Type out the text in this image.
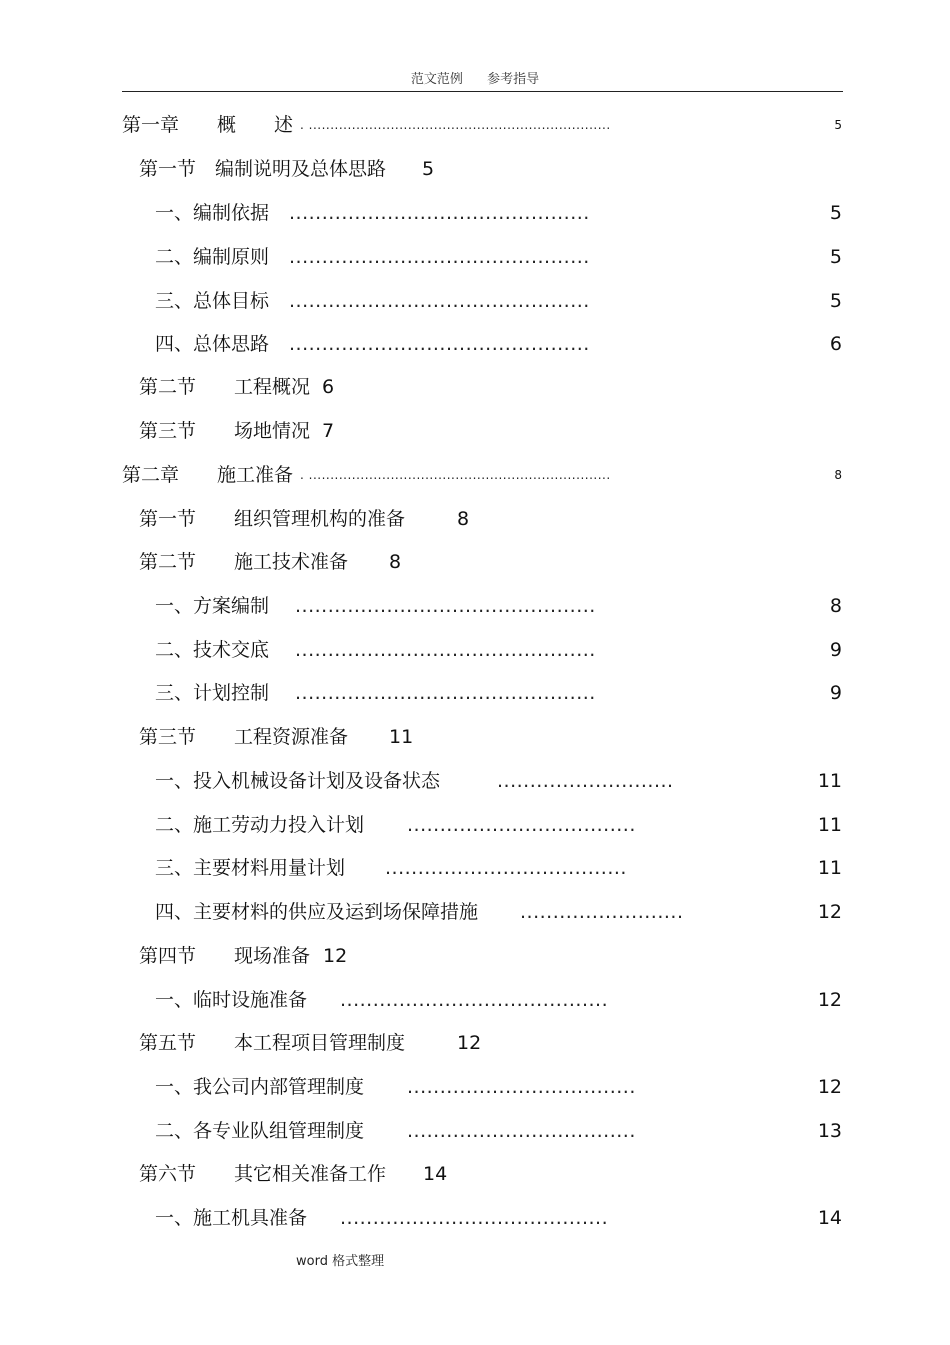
范文范例 参考指导
第一章　　概　　述 . ......................................................................	5
第一节　编制说明及总体思路 5
一、编制依据 ..............................................	5
二、编制原则 ..............................................	5
三、总体目标 ..............................................	5
四、总体思路 ..............................................	6
第二节　　工程概况 6
第三节　　场地情况 7
第二章　　施工准备 . ......................................................................	8
第一节　　组织管理机构的准备	8
第二节　　施工技术准备 8
一、方案编制 ..............................................	8
二、技术交底 ..............................................	9
三、计划控制 ..............................................	9
第三节　　工程资源准备 11
一、投入机械设备计划及设备状态	...........................	11
二、施工劳动力投入计划 ...................................	11
三、主要材料用量计划 .....................................	11
四、主要材料的供应及运到场保障措施 .........................	12
第四节　　现场准备 12
一、临时设施准备 .........................................	12
第五节　　本工程项目管理制度	12
一、我公司内部管理制度 ...................................	12
二、各专业队组管理制度 ...................................	13
第六节　　其它相关准备工作 14
一、施工机具准备 .........................................	14
word 格式整理
